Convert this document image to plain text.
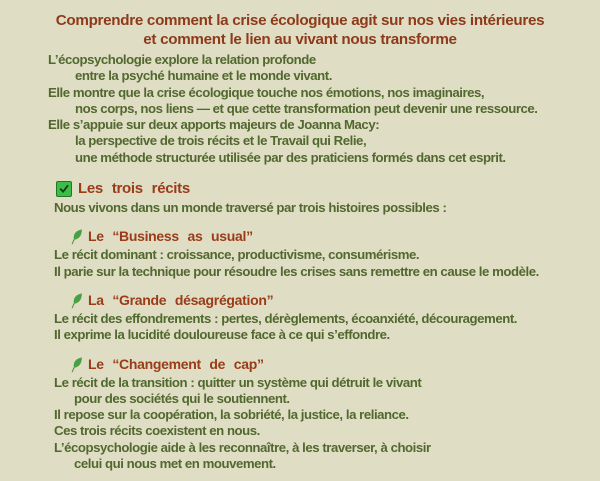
Comprendre comment la crise écologique agit sur nos vies intérieures
et comment le lien au vivant nous transforme
L’écopsychologie explore la relation profonde
entre la psyché humaine et le monde vivant.
Elle montre que la crise écologique touche nos émotions, nos imaginaires,
nos corps, nos liens — et que cette transformation peut devenir une ressource.
Elle s’appuie sur deux apports majeurs de Joanna Macy:
la perspective de trois récits et le Travail qui Relie,
une méthode structurée utilisée par des praticiens formés dans cet esprit.
Les trois récits
Nous vivons dans un monde traversé par trois histoires possibles :
Le “Business as usual”
Le récit dominant : croissance, productivisme, consumérisme.
Il parie sur la technique pour résoudre les crises sans remettre en cause le modèle.
La “Grande désagrégation”
Le récit des effondrements : pertes, dérèglements, écoanxiété, découragement.
Il exprime la lucidité douloureuse face à ce qui s’effondre.
Le “Changement de cap”
Le récit de la transition : quitter un système qui détruit le vivant
pour des sociétés qui le soutiennent.
Il repose sur la coopération, la sobriété, la justice, la reliance.
Ces trois récits coexistent en nous.
L’écopsychologie aide à les reconnaître, à les traverser, à choisir
celui qui nous met en mouvement.
